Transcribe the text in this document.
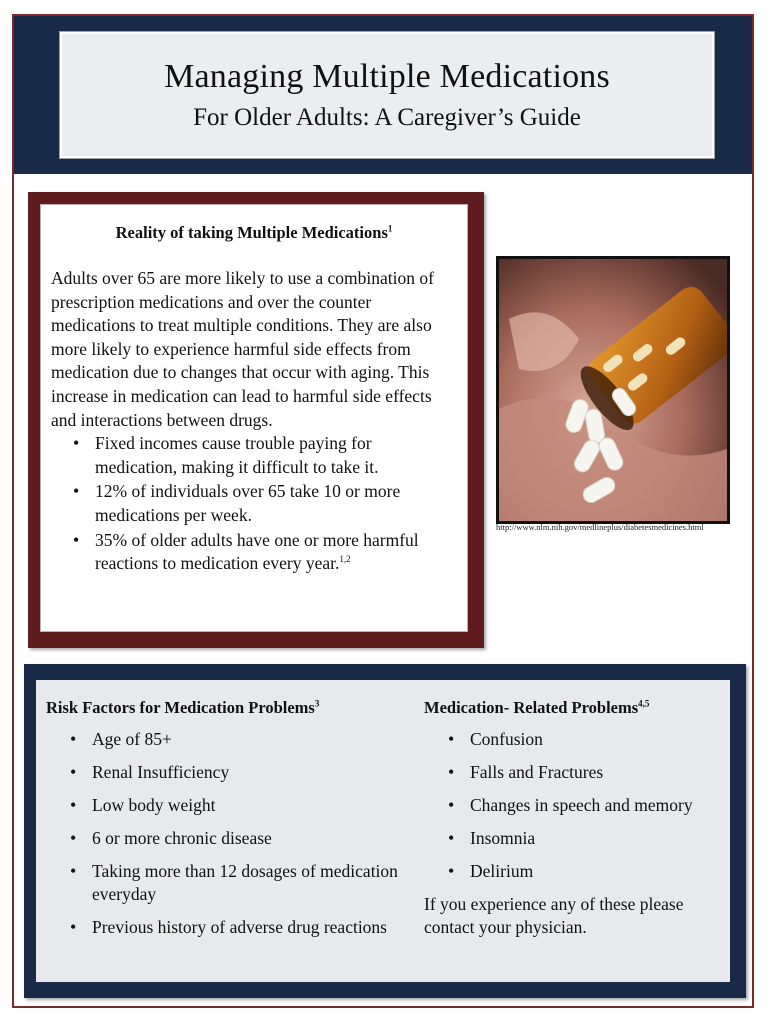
Managing Multiple Medications
For Older Adults: A Caregiver’s Guide
Reality of taking Multiple Medications$^1$

Adults over 65 are more likely to use a combination of prescription medications and over the counter medications to treat multiple conditions. They are also more likely to experience harmful side effects from medication due to changes that occur with aging. This increase in medication can lead to harmful side effects and interactions between drugs.

• Fixed incomes cause trouble paying for medication, making it difficult to take it.
• 12% of individuals over 65 take 10 or more medications per week.
• 35% of older adults have one or more harmful reactions to medication every year.$^{1,2}$
http://www.nlm.nih.gov/medlineplus/diabetesmedicines.html
Risk Factors for Medication Problems$^3$
• Age of 85+
• Renal Insufficiency
• Low body weight
• 6 or more chronic disease
• Taking more than 12 dosages of medication everyday
• Previous history of adverse drug reactions
Medication- Related Problems$^{4,5}$
• Confusion
• Falls and Fractures
• Changes in speech and memory
• Insomnia
• Delirium

If you experience any of these please contact your physician.
